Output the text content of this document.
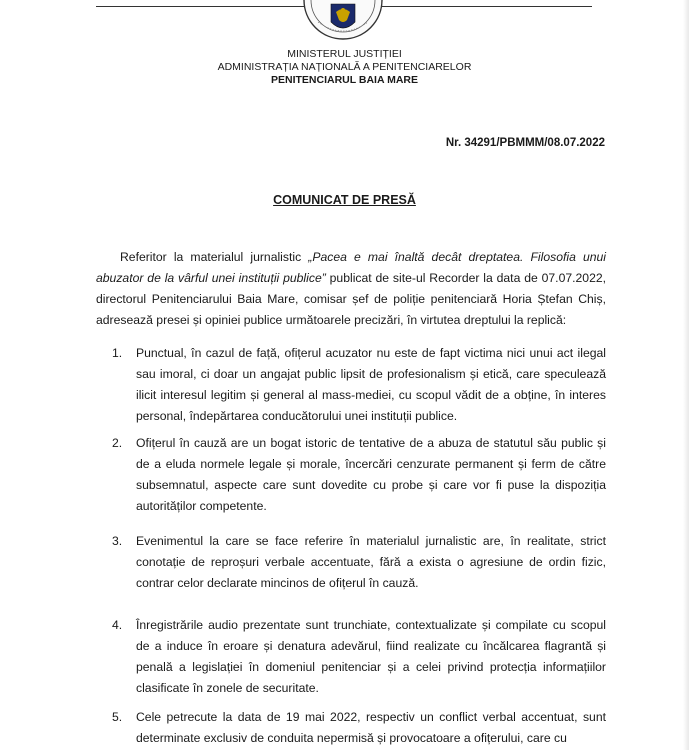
MINISTERUL JUSTIȚIEI
ADMINISTRAȚIA NAȚIONALĂ A PENITENCIARELOR
PENITENCIARUL BAIA MARE
Nr. 34291/PBMMM/08.07.2022
COMUNICAT DE PRESĂ

Referitor la materialul jurnalistic „Pacea e mai înaltă decât dreptatea. Filosofia unui abuzator de la vârful unei instituții publice” publicat de site-ul Recorder la data de 07.07.2022, directorul Penitenciarului Baia Mare, comisar șef de poliție penitenciară Horia Ștefan Chiș, adresează presei și opiniei publice următoarele precizări, în virtutea dreptului la replică:

1. Punctual, în cazul de față, ofițerul acuzator nu este de fapt victima nici unui act ilegal sau imoral, ci doar un angajat public lipsit de profesionalism și etică, care speculează ilicit interesul legitim și general al mass-mediei, cu scopul vădit de a obține, în interes personal, îndepărtarea conducătorului unei instituții publice.

2. Ofițerul în cauză are un bogat istoric de tentative de a abuza de statutul său public și de a eluda normele legale și morale, încercări cenzurate permanent și ferm de către subsemnatul, aspecte care sunt dovedite cu probe și care vor fi puse la dispoziția autorităților competente.

3. Evenimentul la care se face referire în materialul jurnalistic are, în realitate, strict conotație de reproșuri verbale accentuate, fără a exista o agresiune de ordin fizic, contrar celor declarate mincinos de ofițerul în cauză.

4. Înregistrările audio prezentate sunt trunchiate, contextualizate și compilate cu scopul de a induce în eroare și denatura adevărul, fiind realizate cu încălcarea flagrantă și penală a legislației în domeniul penitenciar și a celei privind protecția informațiilor clasificate în zonele de securitate.

5. Cele petrecute la data de 19 mai 2022, respectiv un conflict verbal accentuat, sunt determinate exclusiv de conduita nepermisă și provocatoare a ofițerului, care cu
